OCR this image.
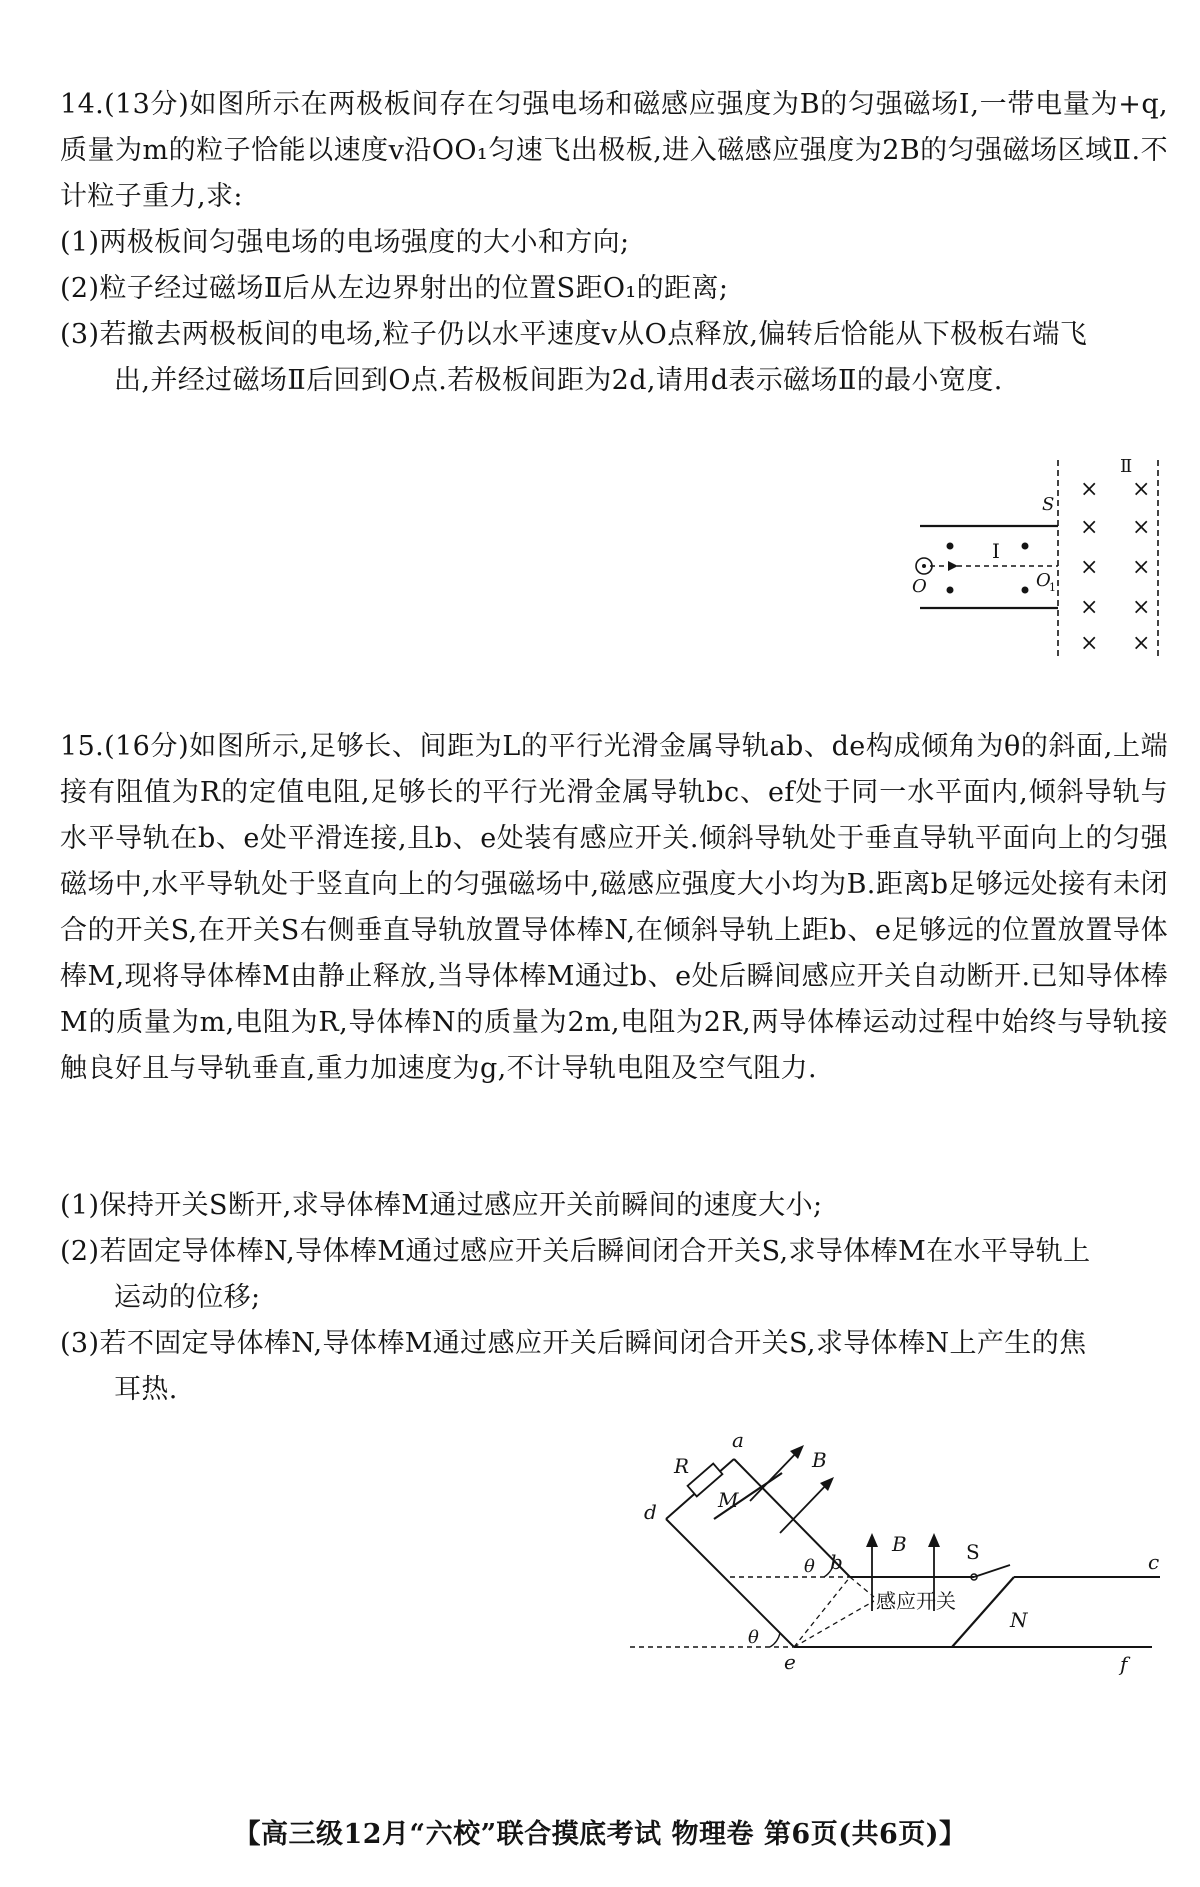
14.(13分)如图所示在两极板间存在匀强电场和磁感应强度为B的匀强磁场Ⅰ,一带电量为+q,质量为m的粒子恰能以速度v沿OO₁匀速飞出极板,进入磁感应强度为2B的匀强磁场区域Ⅱ.不计粒子重力,求:

(1)两极板间匀强电场的电场强度的大小和方向;
(2)粒子经过磁场Ⅱ后从左边界射出的位置S距O₁的距离;
(3)若撤去两极板间的电场,粒子仍以水平速度v从O点释放,偏转后恰能从下极板右端飞
出,并经过磁场Ⅱ后回到O点.若极板间距为2d,请用d表示磁场Ⅱ的最小宽度.
I
Ⅱ
× ×
× ×
× ×
× ×
× ×
S
O	O
1

15.(16分)如图所示,足够长、间距为L的平行光滑金属导轨ab、de构成倾角为θ的斜面,上端接有阻值为R的定值电阻,足够长的平行光滑金属导轨bc、ef处于同一水平面内,倾斜导轨与水平导轨在b、e处平滑连接,且b、e处装有感应开关.倾斜导轨处于垂直导轨平面向上的匀强磁场中,水平导轨处于竖直向上的匀强磁场中,磁感应强度大小均为B.距离b足够远处接有未闭合的开关S,在开关S右侧垂直导轨放置导体棒N,在倾斜导轨上距b、e足够远的位置放置导体棒M,现将导体棒M由静止释放,当导体棒M通过b、e处后瞬间感应开关自动断开.已知导体棒M的质量为m,电阻为R,导体棒N的质量为2m,电阻为2R,两导体棒运动过程中始终与导轨接触良好且与导轨垂直,重力加速度为g,不计导轨电阻及空气阻力.

(1)保持开关S断开,求导体棒M通过感应开关前瞬间的速度大小;
(2)若固定导体棒N,导体棒M通过感应开关后瞬间闭合开关S,求导体棒M在水平导轨上
运动的位移;
(3)若不固定导体棒N,导体棒M通过感应开关后瞬间闭合开关S,求导体棒N上产生的焦
耳热.
R
a
d	M
B
S	c
b
θ
θ
N
B
感应开关
e	f
【高三级12月“六校”联合摸底考试 物理卷 第6页(共6页)】
